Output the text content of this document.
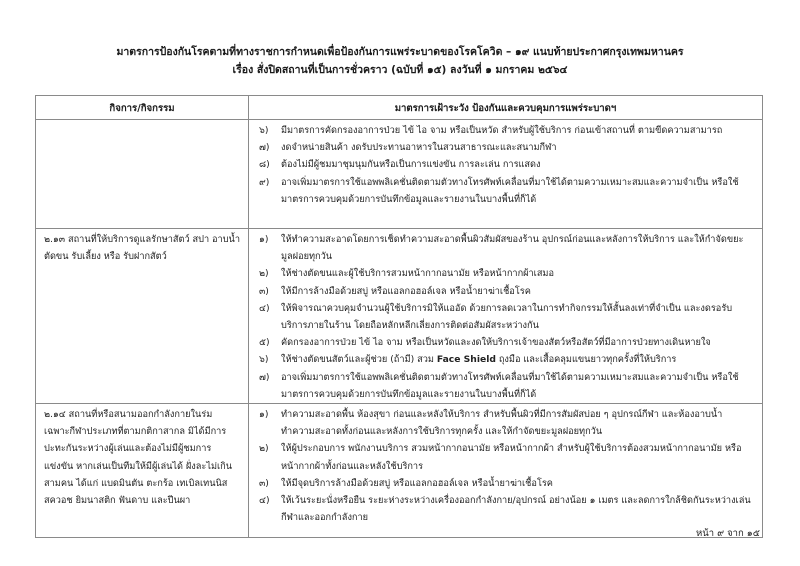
มาตรการป้องกันโรคตามที่ทางราชการกำหนดเพื่อป้องกันการแพร่ระบาดของโรคโควิด – ๑๙ แนบท้ายประกาศกรุงเทพมหานคร
เรื่อง สั่งปิดสถานที่เป็นการชั่วคราว (ฉบับที่ ๑๕) ลงวันที่ ๑ มกราคม ๒๕๖๔
กิจการ/กิจกรรม	มาตรการเฝ้าระวัง ป้องกันและควบคุมการแพร่ระบาดฯ

๖)	มีมาตรการคัดกรองอาการป่วย ไข้ ไอ จาม หรือเป็นหวัด สำหรับผู้ใช้บริการ ก่อนเข้าสถานที่ ตามขีดความสามารถ
๗)	งดจำหน่ายสินค้า งดรับประทานอาหารในสวนสาธารณะและสนามกีฬา
๘)	ต้องไม่มีผู้ชมมาชุมนุมกันหรือเป็นการแข่งขัน การละเล่น การแสดง
๙)	อาจเพิ่มมาตรการใช้แอพพลิเคชั่นติดตามตัวทางโทรศัพท์เคลื่อนที่มาใช้ได้ตามความเหมาะสมและความจำเป็น หรือใช้มาตรการควบคุมด้วยการบันทึกข้อมูลและรายงานในบางพื้นที่ก็ได้

๒.๑๓ สถานที่ให้บริการดูแลรักษาสัตว์ สปา อาบน้ำ ตัดขน รับเลี้ยง หรือ รับฝากสัตว์	
๑)	ให้ทำความสะอาดโดยการเช็ดทำความสะอาดพื้นผิวสัมผัสของร้าน อุปกรณ์ก่อนและหลังการให้บริการ และให้กำจัดขยะมูลฝอยทุกวัน
๒)	ให้ช่างตัดขนและผู้ใช้บริการสวมหน้ากากอนามัย หรือหน้ากากผ้าเสมอ
๓)	ให้มีการล้างมือด้วยสบู่ หรือแอลกอฮอล์เจล หรือน้ำยาฆ่าเชื้อโรค
๔)	ให้พิจารณาควบคุมจำนวนผู้ใช้บริการมิให้แออัด ด้วยการลดเวลาในการทำกิจกรรมให้สั้นลงเท่าที่จำเป็น และงดรอรับบริการภายในร้าน โดยถือหลักหลีกเลี่ยงการติดต่อสัมผัสระหว่างกัน
๕)	คัดกรองอาการป่วย ไข้ ไอ จาม หรือเป็นหวัดและงดให้บริการเจ้าของสัตว์หรือสัตว์ที่มีอาการป่วยทางเดินหายใจ
๖)	ให้ช่างตัดขนสัตว์และผู้ช่วย (ถ้ามี) สวม Face Shield ถุงมือ และเสื้อคลุมแขนยาวทุกครั้งที่ให้บริการ
๗)	อาจเพิ่มมาตรการใช้แอพพลิเคชั่นติดตามตัวทางโทรศัพท์เคลื่อนที่มาใช้ได้ตามความเหมาะสมและความจำเป็น หรือใช้มาตรการควบคุมด้วยการบันทึกข้อมูลและรายงานในบางพื้นที่ก็ได้

๒.๑๔ สถานที่หรือสนามออกกำลังกายในร่ม เฉพาะกีฬาประเภทที่ตามกติกาสากล มิได้มีการปะทะกันระหว่างผู้เล่นและต้องไม่มีผู้ชมการแข่งขัน หากเล่นเป็นทีมให้มีผู้เล่นได้ ฝั่งละไม่เกินสามคน ได้แก่ แบดมินตัน ตะกร้อ เทเบิลเทนนิส สควอช ยิมนาสติก ฟันดาบ และปีนผา	
๑)	ทำความสะอาดพื้น ห้องสุขา ก่อนและหลังให้บริการ สำหรับพื้นผิวที่มีการสัมผัสบ่อย ๆ อุปกรณ์กีฬา และห้องอาบน้ำ ทำความสะอาดทั้งก่อนและหลังการใช้บริการทุกครั้ง และให้กำจัดขยะมูลฝอยทุกวัน
๒)	ให้ผู้ประกอบการ พนักงานบริการ สวมหน้ากากอนามัย หรือหน้ากากผ้า สำหรับผู้ใช้บริการต้องสวมหน้ากากอนามัย หรือหน้ากากผ้าทั้งก่อนและหลังใช้บริการ
๓)	ให้มีจุดบริการล้างมือด้วยสบู่ หรือแอลกอฮอล์เจล หรือน้ำยาฆ่าเชื้อโรค
๔)	ให้เว้นระยะนั่งหรือยืน ระยะห่างระหว่างเครื่องออกกำลังกาย/อุปกรณ์ อย่างน้อย ๑ เมตร และลดการใกล้ชิดกันระหว่างเล่นกีฬาและออกกำลังกาย
หน้า ๙ จาก ๑๕
